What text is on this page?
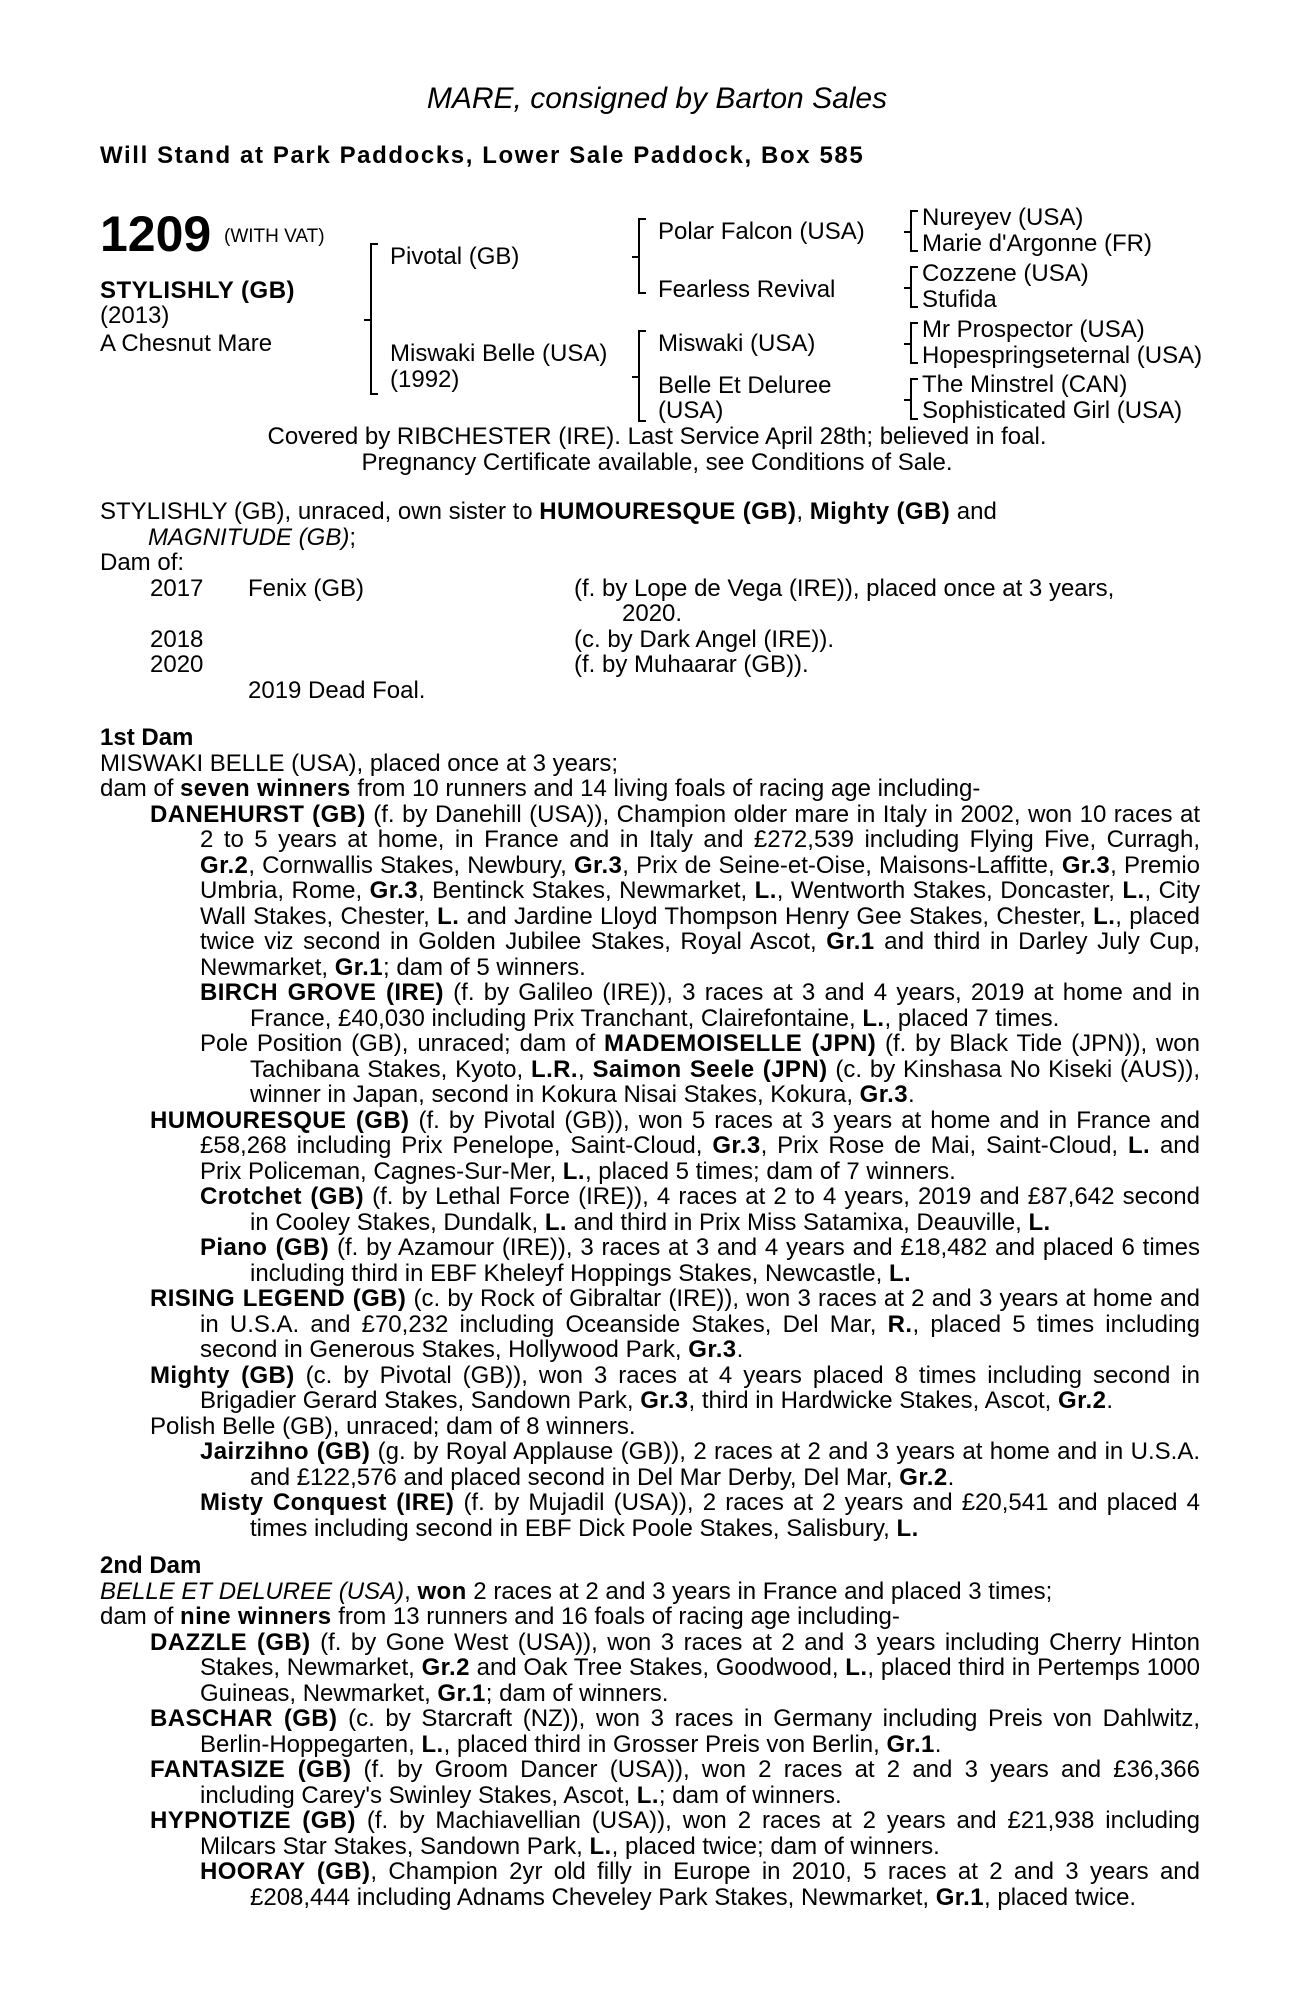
MARE, consigned by Barton Sales
Will Stand at Park Paddocks, Lower Sale Paddock, Box 585
1209 (WITH VAT)
STYLISHLY (GB)
(2013)
A Chesnut Mare
Pivotal (GB)
Miswaki Belle (USA)
(1992)
Polar Falcon (USA)
Fearless Revival
Miswaki (USA)
Belle Et Deluree
(USA)
Nureyev (USA)
Marie d'Argonne (FR)
Cozzene (USA)
Stufida
Mr Prospector (USA)
Hopespringseternal (USA)
The Minstrel (CAN)
Sophisticated Girl (USA)
Covered by RIBCHESTER (IRE). Last Service April 28th; believed in foal.
Pregnancy Certificate available, see Conditions of Sale.

STYLISHLY (GB), unraced, own sister to HUMOURESQUE (GB), Mighty (GB) and
MAGNITUDE (GB);

Dam of:

2017 Fenix (GB)	(f. by Lope de Vega (IRE)), placed once at 3 years,
2020.
2018	(c. by Dark Angel (IRE)).
2020	(f. by Muhaarar (GB)).
2019 Dead Foal.

1st Dam

MISWAKI BELLE (USA), placed once at 3 years;

dam of seven winners from 10 runners and 14 living foals of racing age including-

DANEHURST (GB) (f. by Danehill (USA)), Champion older mare in Italy in 2002, won 10 races at 2 to 5 years at home, in France and in Italy and £272,539 including Flying Five, Curragh, Gr.2, Cornwallis Stakes, Newbury, Gr.3, Prix de Seine-et-Oise, Maisons-Laffitte, Gr.3, Premio Umbria, Rome, Gr.3, Bentinck Stakes, Newmarket, L., Wentworth Stakes, Doncaster, L., City Wall Stakes, Chester, L. and Jardine Lloyd Thompson Henry Gee Stakes, Chester, L., placed twice viz second in Golden Jubilee Stakes, Royal Ascot, Gr.1 and third in Darley July Cup, Newmarket, Gr.1; dam of 5 winners.

BIRCH GROVE (IRE) (f. by Galileo (IRE)), 3 races at 3 and 4 years, 2019 at home and in France, £40,030 including Prix Tranchant, Clairefontaine, L., placed 7 times.

Pole Position (GB), unraced; dam of MADEMOISELLE (JPN) (f. by Black Tide (JPN)), won Tachibana Stakes, Kyoto, L.R., Saimon Seele (JPN) (c. by Kinshasa No Kiseki (AUS)), winner in Japan, second in Kokura Nisai Stakes, Kokura, Gr.3.

HUMOURESQUE (GB) (f. by Pivotal (GB)), won 5 races at 3 years at home and in France and £58,268 including Prix Penelope, Saint-Cloud, Gr.3, Prix Rose de Mai, Saint-Cloud, L. and Prix Policeman, Cagnes-Sur-Mer, L., placed 5 times; dam of 7 winners.

Crotchet (GB) (f. by Lethal Force (IRE)), 4 races at 2 to 4 years, 2019 and £87,642 second in Cooley Stakes, Dundalk, L. and third in Prix Miss Satamixa, Deauville, L.

Piano (GB) (f. by Azamour (IRE)), 3 races at 3 and 4 years and £18,482 and placed 6 times including third in EBF Kheleyf Hoppings Stakes, Newcastle, L.

RISING LEGEND (GB) (c. by Rock of Gibraltar (IRE)), won 3 races at 2 and 3 years at home and in U.S.A. and £70,232 including Oceanside Stakes, Del Mar, R., placed 5 times including second in Generous Stakes, Hollywood Park, Gr.3.

Mighty (GB) (c. by Pivotal (GB)), won 3 races at 4 years placed 8 times including second in Brigadier Gerard Stakes, Sandown Park, Gr.3, third in Hardwicke Stakes, Ascot, Gr.2.

Polish Belle (GB), unraced; dam of 8 winners.

Jairzihno (GB) (g. by Royal Applause (GB)), 2 races at 2 and 3 years at home and in U.S.A. and £122,576 and placed second in Del Mar Derby, Del Mar, Gr.2.

Misty Conquest (IRE) (f. by Mujadil (USA)), 2 races at 2 years and £20,541 and placed 4 times including second in EBF Dick Poole Stakes, Salisbury, L.

2nd Dam

BELLE ET DELUREE (USA), won 2 races at 2 and 3 years in France and placed 3 times;

dam of nine winners from 13 runners and 16 foals of racing age including-

DAZZLE (GB) (f. by Gone West (USA)), won 3 races at 2 and 3 years including Cherry Hinton Stakes, Newmarket, Gr.2 and Oak Tree Stakes, Goodwood, L., placed third in Pertemps 1000 Guineas, Newmarket, Gr.1; dam of winners.

BASCHAR (GB) (c. by Starcraft (NZ)), won 3 races in Germany including Preis von Dahlwitz, Berlin-Hoppegarten, L., placed third in Grosser Preis von Berlin, Gr.1.

FANTASIZE (GB) (f. by Groom Dancer (USA)), won 2 races at 2 and 3 years and £36,366 including Carey's Swinley Stakes, Ascot, L.; dam of winners.

HYPNOTIZE (GB) (f. by Machiavellian (USA)), won 2 races at 2 years and £21,938 including Milcars Star Stakes, Sandown Park, L., placed twice; dam of winners.

HOORAY (GB), Champion 2yr old filly in Europe in 2010, 5 races at 2 and 3 years and £208,444 including Adnams Cheveley Park Stakes, Newmarket, Gr.1, placed twice.
